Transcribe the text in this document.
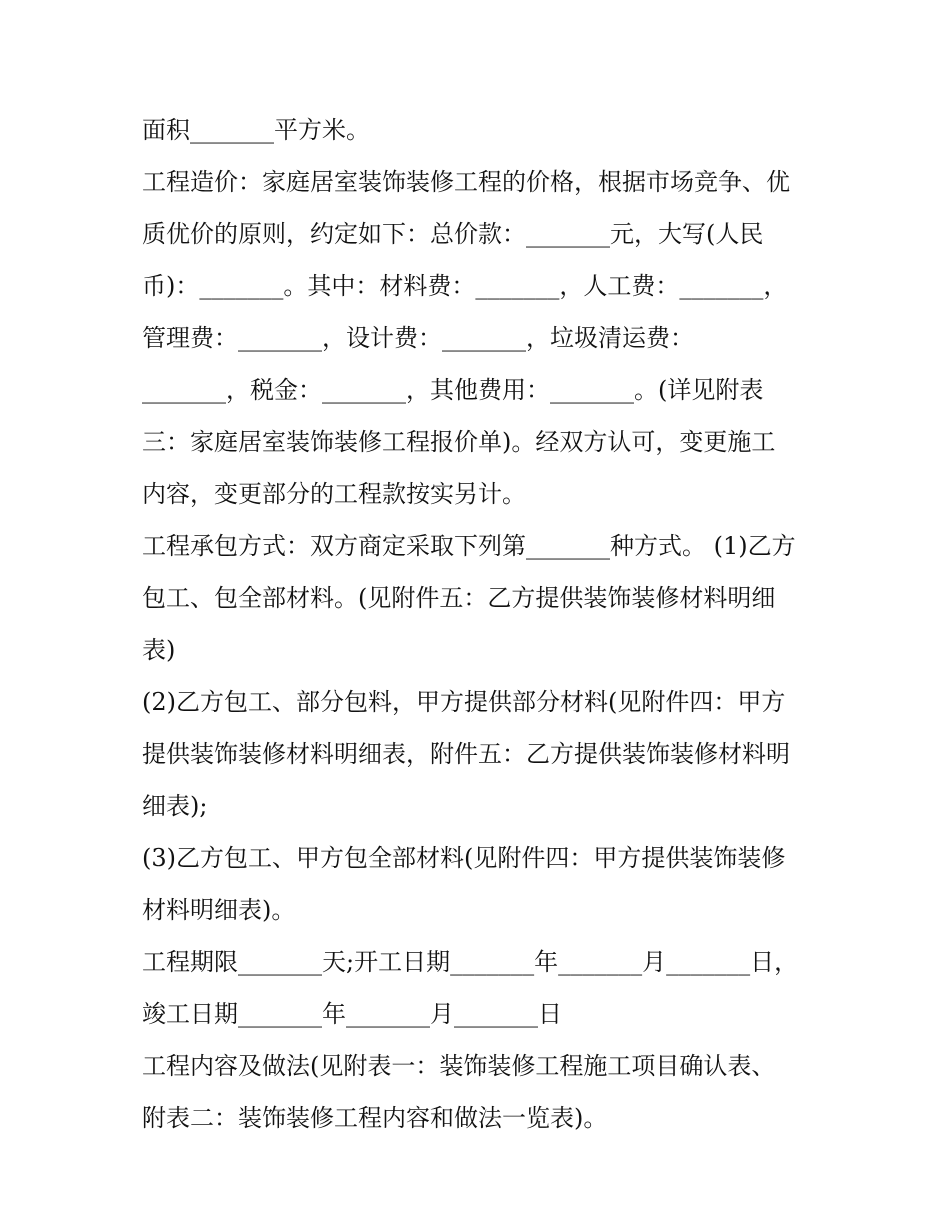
面积_______平方米。
工程造价：家庭居室装饰装修工程的价格，根据市场竞争、优
质优价的原则，约定如下：总价款：_______元，大写(人民
币)：_______。其中：材料费：_______，人工费：_______，
管理费：_______，设计费：_______，垃圾清运费：
_______，税金：_______，其他费用：_______。(详见附表
三：家庭居室装饰装修工程报价单)。经双方认可，变更施工
内容，变更部分的工程款按实另计。
工程承包方式：双方商定采取下列第_______种方式。 (1)乙方
包工、包全部材料。(见附件五：乙方提供装饰装修材料明细
表)
(2)乙方包工、部分包料，甲方提供部分材料(见附件四：甲方
提供装饰装修材料明细表，附件五：乙方提供装饰装修材料明
细表);
(3)乙方包工、甲方包全部材料(见附件四：甲方提供装饰装修
材料明细表)。
工程期限_______天;开工日期_______年_______月_______日，
竣工日期_______年_______月_______日
工程内容及做法(见附表一：装饰装修工程施工项目确认表、
附表二：装饰装修工程内容和做法一览表)。
